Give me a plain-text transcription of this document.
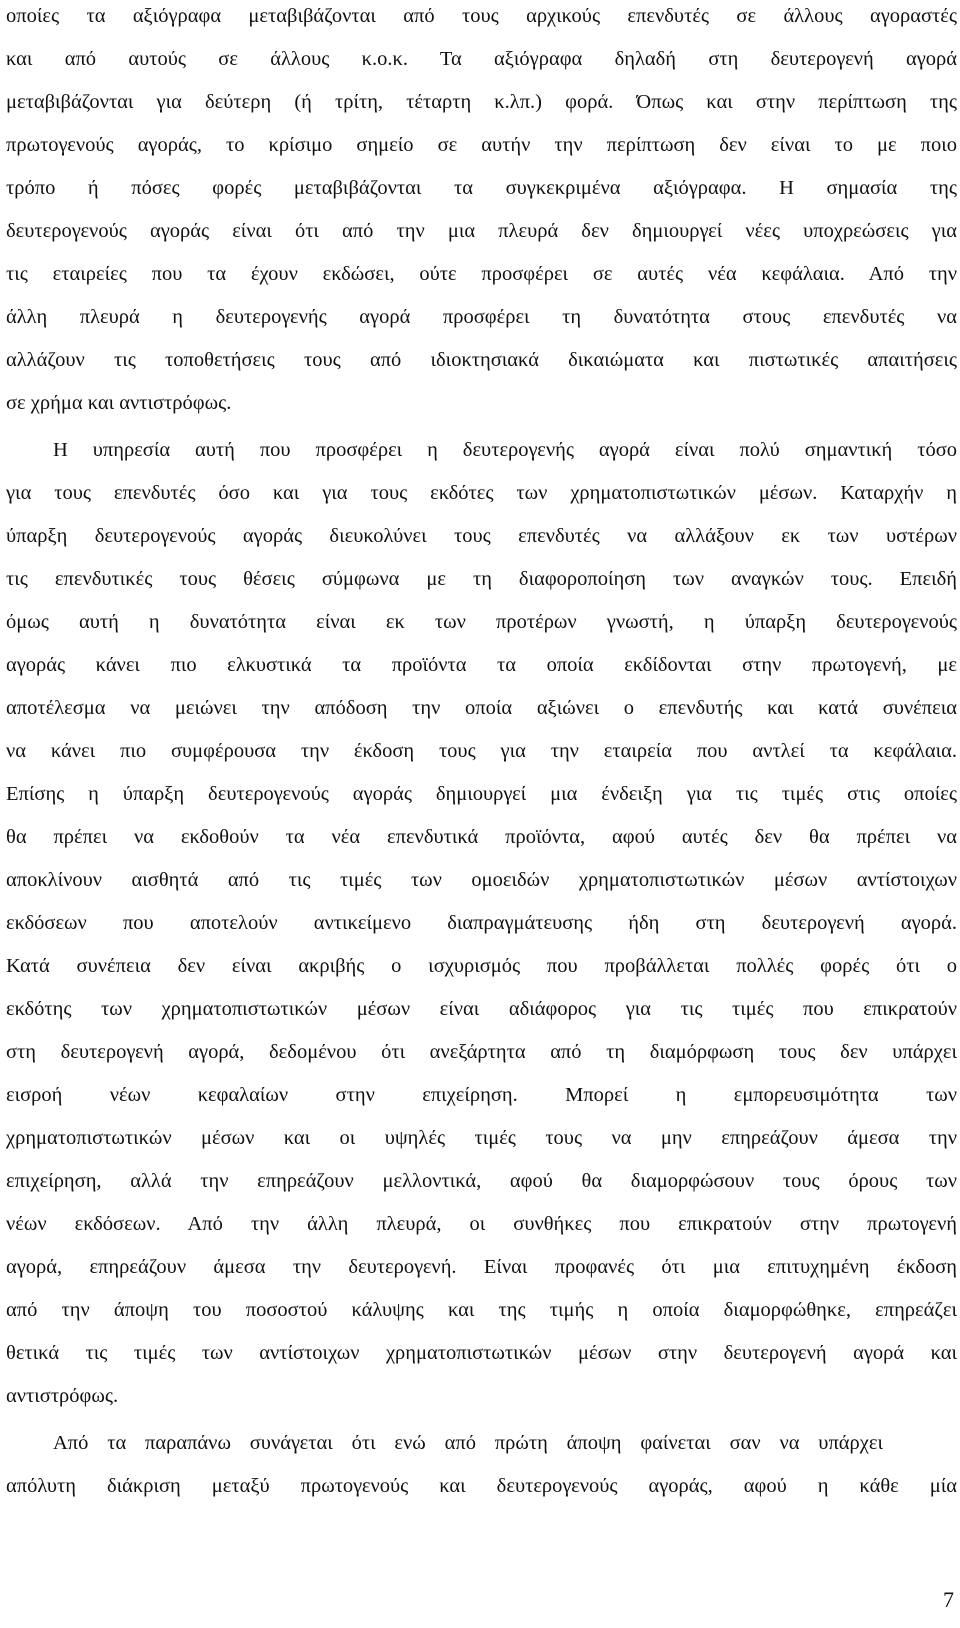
οποίες τα αξιόγραφα μεταβιβάζονται από τους αρχικούς επενδυτές σε άλλους αγοραστές
και από αυτούς σε άλλους κ.ο.κ. Τα αξιόγραφα δηλαδή στη δευτερογενή αγορά
μεταβιβάζονται για δεύτερη (ή τρίτη, τέταρτη κ.λπ.) φορά. Όπως και στην περίπτωση της
πρωτογενούς αγοράς, το κρίσιμο σημείο σε αυτήν την περίπτωση δεν είναι το με ποιο
τρόπο ή πόσες φορές μεταβιβάζονται τα συγκεκριμένα αξιόγραφα. Η σημασία της
δευτερογενούς αγοράς είναι ότι από την μια πλευρά δεν δημιουργεί νέες υποχρεώσεις για
τις εταιρείες που τα έχουν εκδώσει, ούτε προσφέρει σε αυτές νέα κεφάλαια. Από την
άλλη πλευρά η δευτερογενής αγορά προσφέρει τη δυνατότητα στους επενδυτές να
αλλάζουν τις τοποθετήσεις τους από ιδιοκτησιακά δικαιώματα και πιστωτικές απαιτήσεις
σε χρήμα και αντιστρόφως.
Η υπηρεσία αυτή που προσφέρει η δευτερογενής αγορά είναι πολύ σημαντική τόσο
για τους επενδυτές όσο και για τους εκδότες των χρηματοπιστωτικών μέσων. Καταρχήν η
ύπαρξη δευτερογενούς αγοράς διευκολύνει τους επενδυτές να αλλάξουν εκ των υστέρων
τις επενδυτικές τους θέσεις σύμφωνα με τη διαφοροποίηση των αναγκών τους. Επειδή
όμως αυτή η δυνατότητα είναι εκ των προτέρων γνωστή, η ύπαρξη δευτερογενούς
αγοράς κάνει πιο ελκυστικά τα προϊόντα τα οποία εκδίδονται στην πρωτογενή, με
αποτέλεσμα να μειώνει την απόδοση την οποία αξιώνει ο επενδυτής και κατά συνέπεια
να κάνει πιο συμφέρουσα την έκδοση τους για την εταιρεία που αντλεί τα κεφάλαια.
Επίσης η ύπαρξη δευτερογενούς αγοράς δημιουργεί μια ένδειξη για τις τιμές στις οποίες
θα πρέπει να εκδοθούν τα νέα επενδυτικά προϊόντα, αφού αυτές δεν θα πρέπει να
αποκλίνουν αισθητά από τις τιμές των ομοειδών χρηματοπιστωτικών μέσων αντίστοιχων
εκδόσεων που αποτελούν αντικείμενο διαπραγμάτευσης ήδη στη δευτερογενή αγορά.
Κατά συνέπεια δεν είναι ακριβής ο ισχυρισμός που προβάλλεται πολλές φορές ότι ο
εκδότης των χρηματοπιστωτικών μέσων είναι αδιάφορος για τις τιμές που επικρατούν
στη δευτερογενή αγορά, δεδομένου ότι ανεξάρτητα από τη διαμόρφωση τους δεν υπάρχει
εισροή νέων κεφαλαίων στην επιχείρηση. Μπορεί η εμπορευσιμότητα των
χρηματοπιστωτικών μέσων και οι υψηλές τιμές τους να μην επηρεάζουν άμεσα την
επιχείρηση, αλλά την επηρεάζουν μελλοντικά, αφού θα διαμορφώσουν τους όρους των
νέων εκδόσεων. Από την άλλη πλευρά, οι συνθήκες που επικρατούν στην πρωτογενή
αγορά, επηρεάζουν άμεσα την δευτερογενή. Είναι προφανές ότι μια επιτυχημένη έκδοση
από την άποψη του ποσοστού κάλυψης και της τιμής η οποία διαμορφώθηκε, επηρεάζει
θετικά τις τιμές των αντίστοιχων χρηματοπιστωτικών μέσων στην δευτερογενή αγορά και
αντιστρόφως.
Από τα παραπάνω συνάγεται ότι ενώ από πρώτη άποψη φαίνεται σαν να υπάρχει
απόλυτη διάκριση μεταξύ πρωτογενούς και δευτερογενούς αγοράς, αφού η κάθε μία
7
